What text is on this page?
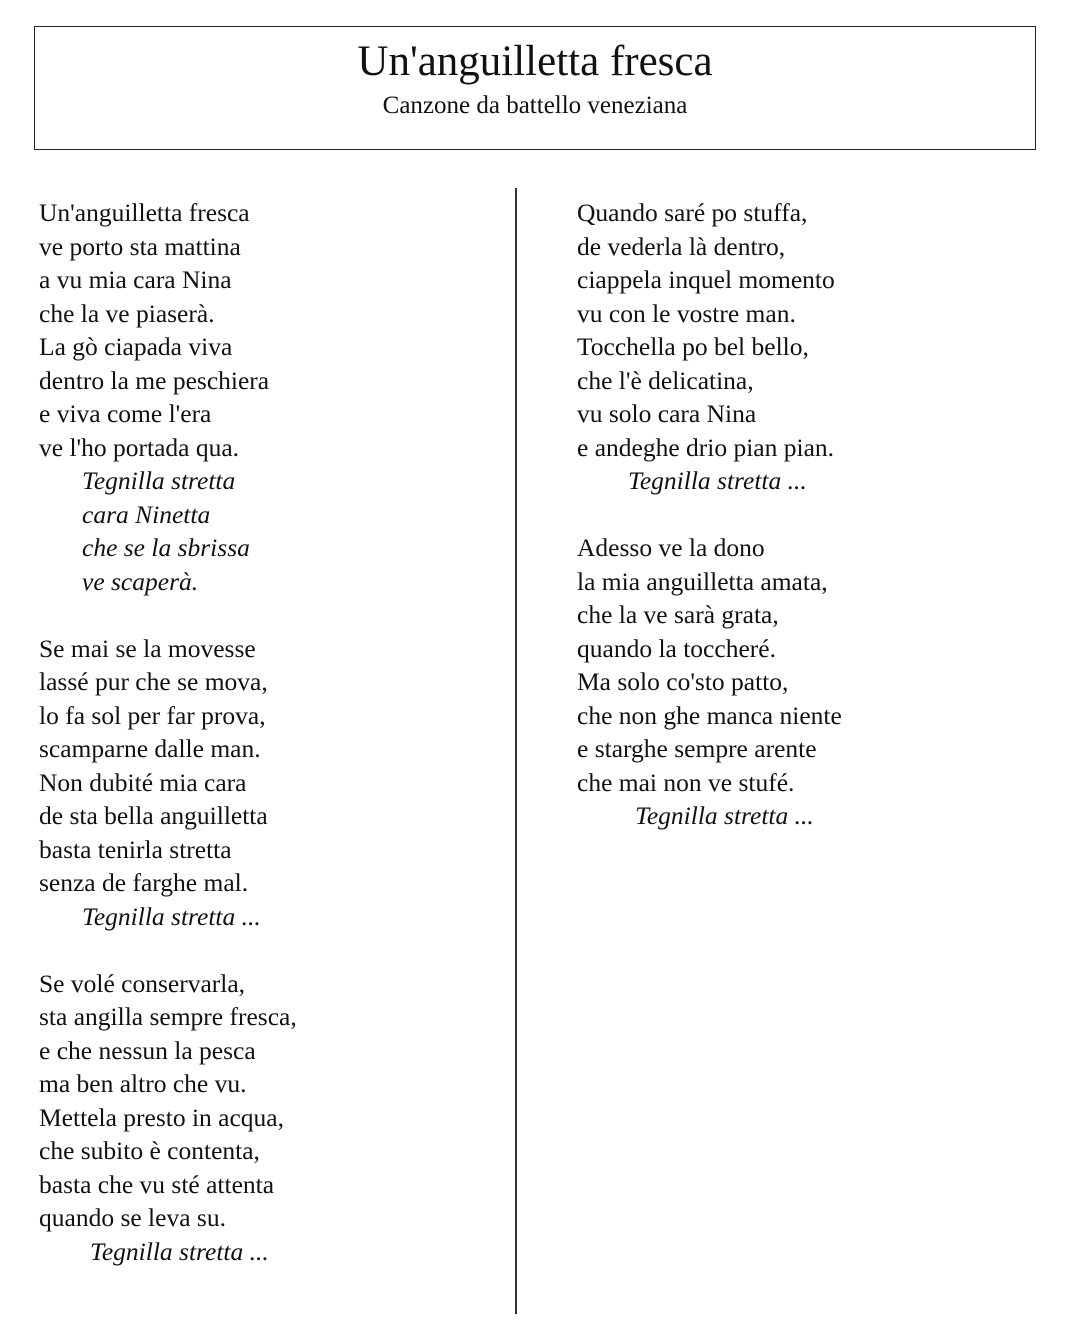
Un'anguilletta fresca
Canzone da battello veneziana
Un'anguilletta fresca
ve porto sta mattina
a vu mia cara Nina
che la ve piaserà.
La gò ciapada viva
dentro la me peschiera
e viva come l'era
ve l'ho portada qua.
Tegnilla stretta
cara Ninetta
che se la sbrissa
ve scaperà.
Se mai se la movesse
lassé pur che se mova,
lo fa sol per far prova,
scamparne dalle man.
Non dubité mia cara
de sta bella anguilletta
basta tenirla stretta
senza de farghe mal.
Tegnilla stretta ...
Se volé conservarla,
sta angilla sempre fresca,
e che nessun la pesca
ma ben altro che vu.
Mettela presto in acqua,
che subito è contenta,
basta che vu sté attenta
quando se leva su.
Tegnilla stretta ...
Quando saré po stuffa,
de vederla là dentro,
ciappela inquel momento
vu con le vostre man.
Tocchella po bel bello,
che l'è delicatina,
vu solo cara Nina
e andeghe drio pian pian.
Tegnilla stretta ...
Adesso ve la dono
la mia anguilletta amata,
che la ve sarà grata,
quando la toccheré.
Ma solo co'sto patto,
che non ghe manca niente
e starghe sempre arente
che mai non ve stufé.
Tegnilla stretta ...
